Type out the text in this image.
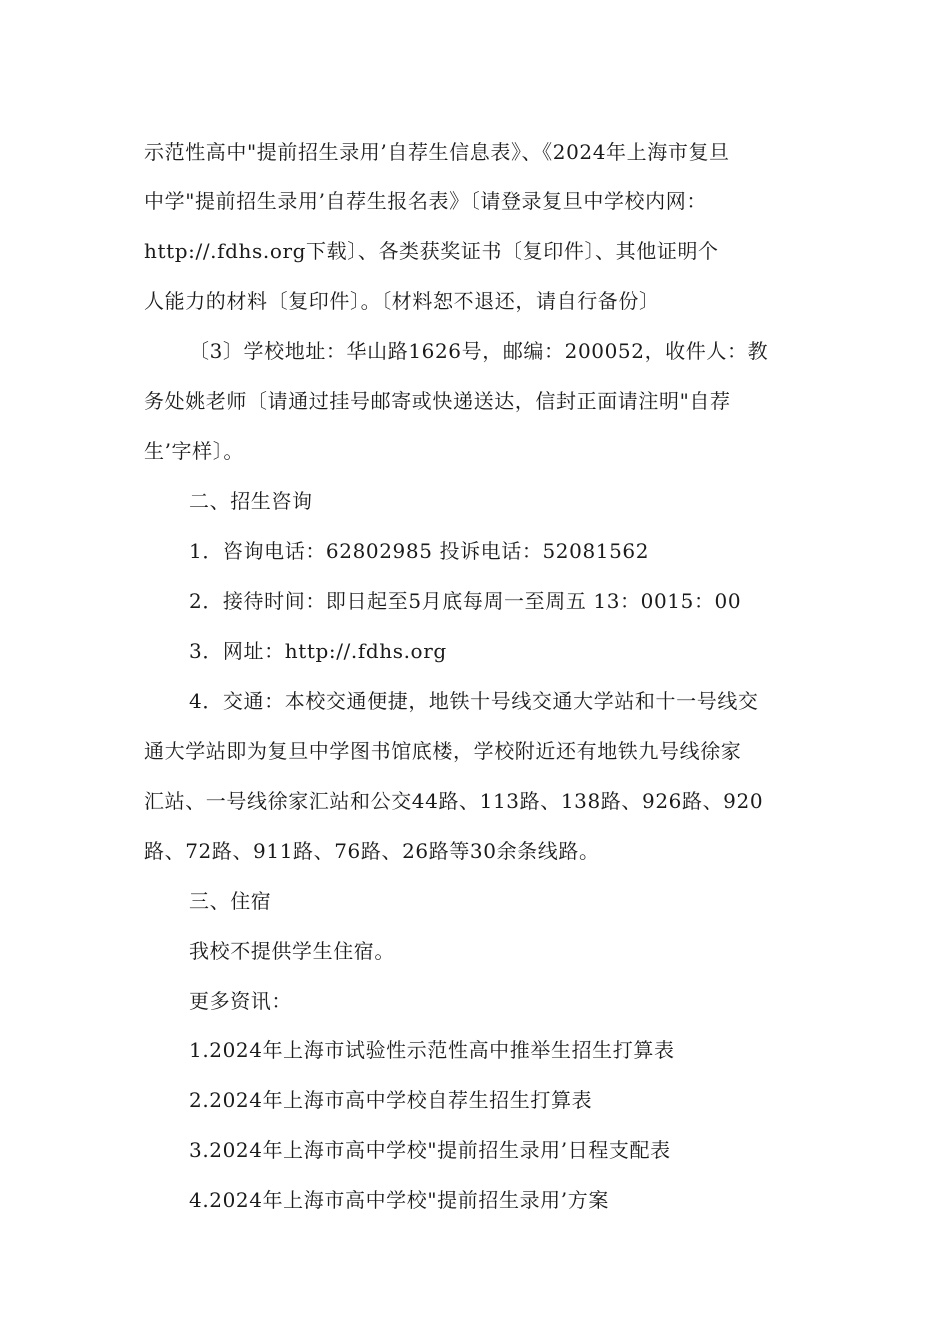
示范性高中"提前招生录用’自荐生信息表》、《2024年上海市复旦
中学"提前招生录用’自荐生报名表》〔请登录复旦中学校内网：
http://.fdhs.org下载〕、各类获奖证书〔复印件〕、其他证明个
人能力的材料〔复印件〕。〔材料恕不退还，请自行备份〕
〔3〕学校地址：华山路1626号，邮编：200052，收件人：教
务处姚老师〔请通过挂号邮寄或快递送达，信封正面请注明"自荐
生’字样〕。
二、招生咨询
1．咨询电话：62802985 投诉电话：52081562
2．接待时间：即日起至5月底每周一至周五 13：0015：00
3．网址：http://.fdhs.org
4．交通：本校交通便捷，地铁十号线交通大学站和十一号线交
通大学站即为复旦中学图书馆底楼，学校附近还有地铁九号线徐家
汇站、一号线徐家汇站和公交44路、113路、138路、926路、920
路、72路、911路、76路、26路等30余条线路。
三、住宿
我校不提供学生住宿。
更多资讯：
1.2024年上海市试验性示范性高中推举生招生打算表
2.2024年上海市高中学校自荐生招生打算表
3.2024年上海市高中学校"提前招生录用’日程支配表
4.2024年上海市高中学校"提前招生录用’方案
